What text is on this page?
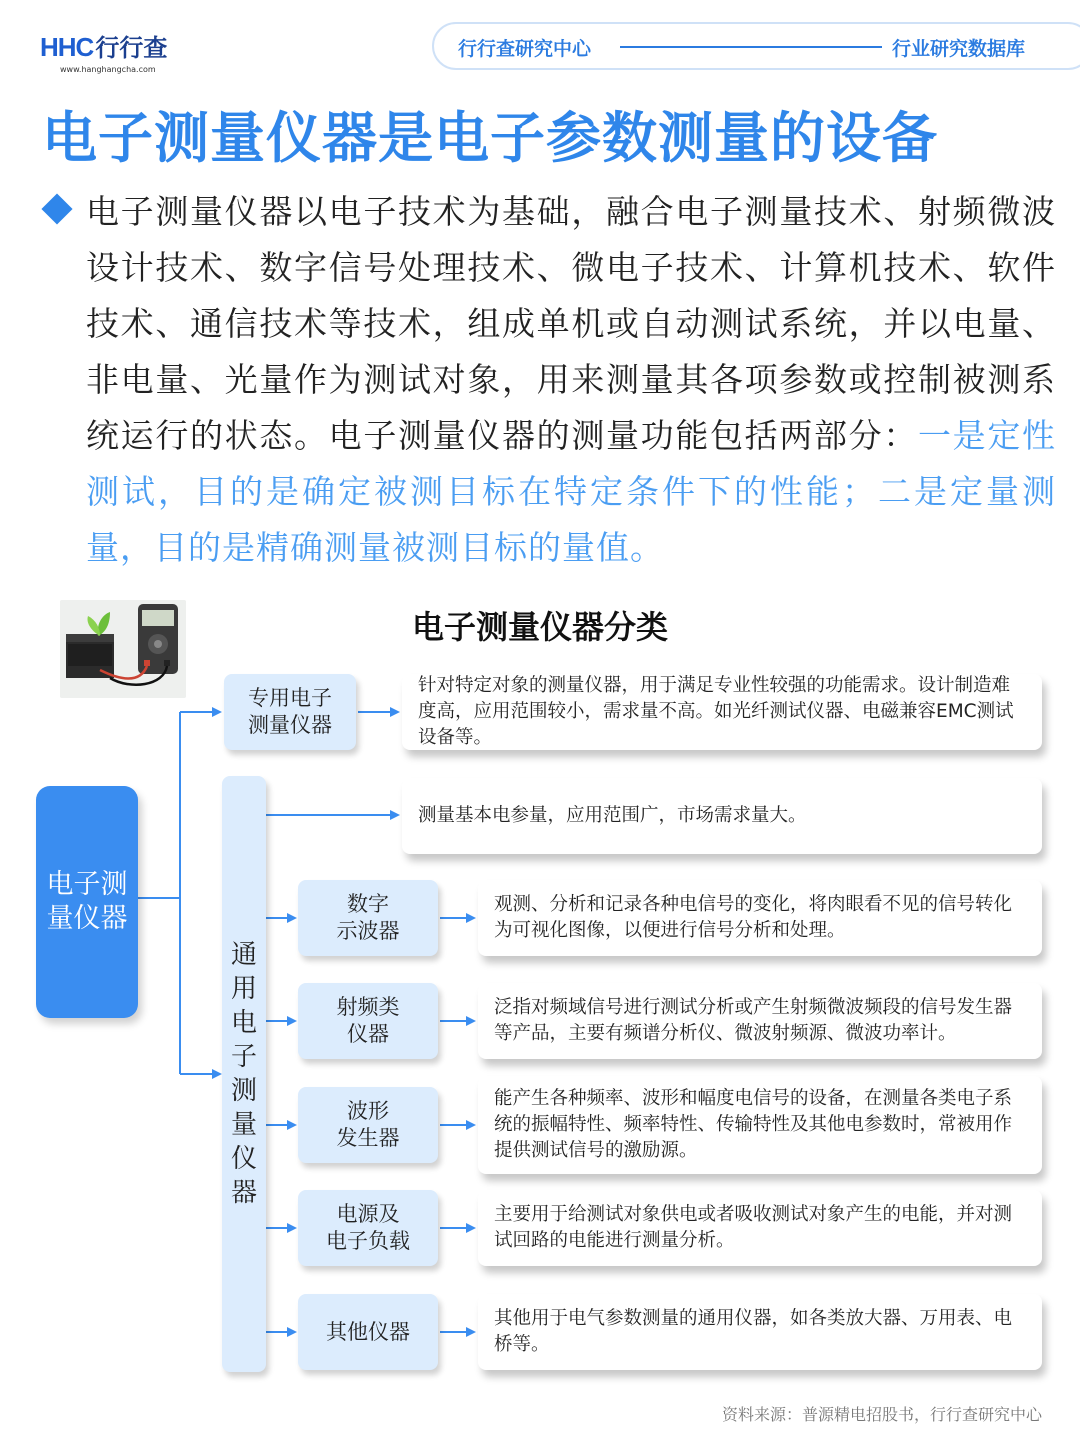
HHC行行查
www.hanghangcha.com
行行查研究中心	行业研究数据库
电子测量仪器是电子参数测量的设备
电子测量仪器以电子技术为基础，融合电子测量技术、射频微波设计技术、数字信号处理技术、微电子技术、计算机技术、软件技术、通信技术等技术，组成单机或自动测试系统，并以电量、非电量、光量作为测试对象，用来测量其各项参数或控制被测系统运行的状态。电子测量仪器的测量功能包括两部分：一是定性测试，目的是确定被测目标在特定条件下的性能；二是定量测量，目的是精确测量被测目标的量值。
电子测量仪器分类
电子测量仪器
专用电子
测量仪器
针对特定对象的测量仪器，用于满足专业性较强的功能需求。设计制造难度高，应用范围较小，需求量不高。如光纤测试仪器、电磁兼容EMC测试设备等。
通用电子测量仪器
测量基本电参量，应用范围广，市场需求量大。
数字
示波器
观测、分析和记录各种电信号的变化，将肉眼看不见的信号转化为可视化图像，以便进行信号分析和处理。
射频类
仪器
泛指对频域信号进行测试分析或产生射频微波频段的信号发生器等产品，主要有频谱分析仪、微波射频源、微波功率计。
波形
发生器
能产生各种频率、波形和幅度电信号的设备，在测量各类电子系统的振幅特性、频率特性、传输特性及其他电参数时，常被用作提供测试信号的激励源。
电源及
电子负载
主要用于给测试对象供电或者吸收测试对象产生的电能，并对测试回路的电能进行测量分析。
其他仪器
其他用于电气参数测量的通用仪器，如各类放大器、万用表、电桥等。
资料来源：普源精电招股书，行行查研究中心
